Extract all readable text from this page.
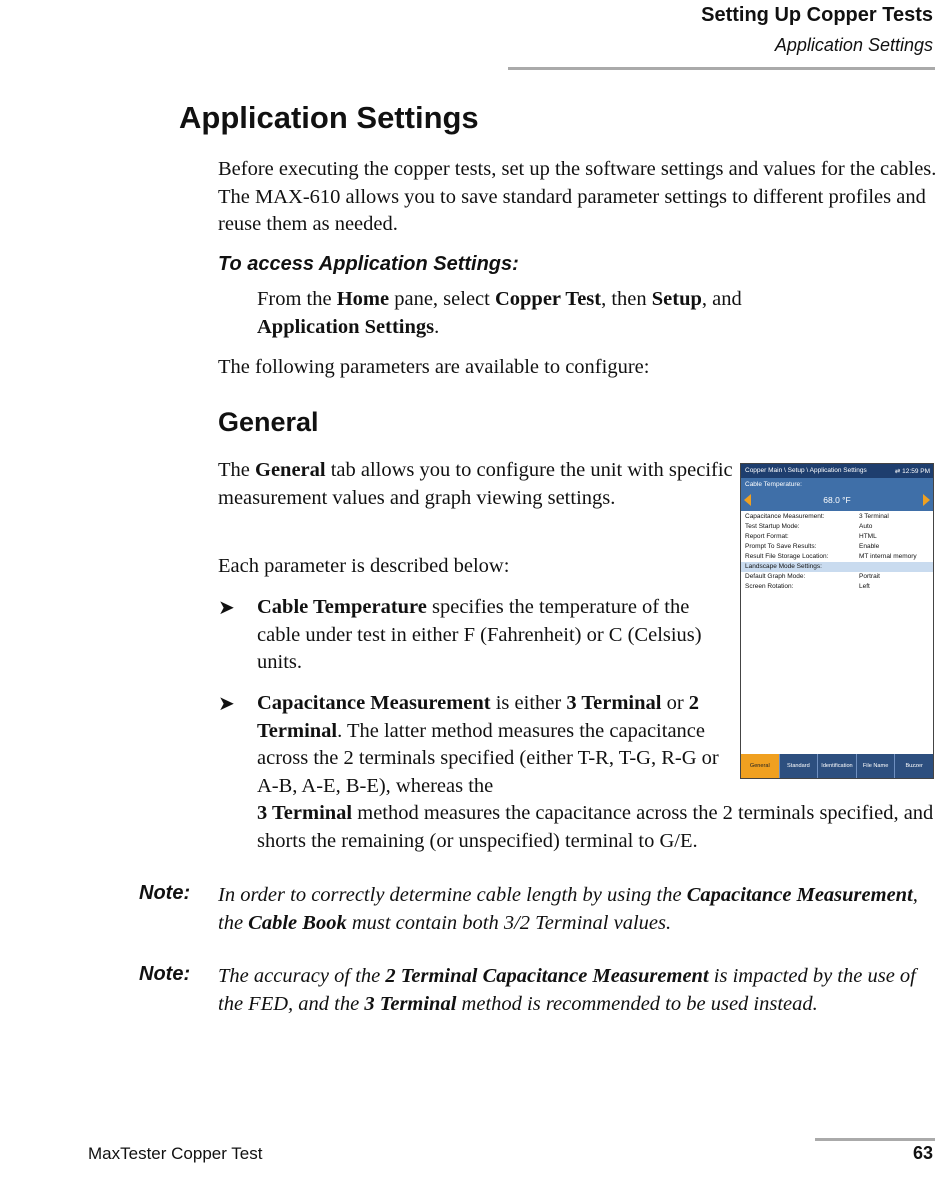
Setting Up Copper Tests
Application Settings
Application Settings
Before executing the copper tests, set up the software settings and values for the cables. The MAX-610 allows you to save standard parameter settings to different profiles and reuse them as needed.
To access Application Settings:
From the Home pane, select Copper Test, then Setup, and
Application Settings.
The following parameters are available to configure:
General
The General tab allows you to configure the unit with specific measurement values and graph viewing settings.
Each parameter is described below:
➤ Cable Temperature specifies the temperature of the cable under test in either F (Fahrenheit) or C (Celsius) units.
➤ Capacitance Measurement is either 3 Terminal or 2 Terminal. The latter method measures the capacitance across the 2 terminals specified (either T-R, T-G, R-G or A-B, A-E, B-E), whereas the
3 Terminal method measures the capacitance across the 2 terminals specified, and shorts the remaining (or unspecified) terminal to G/E.
Note: In order to correctly determine cable length by using the Capacitance Measurement, the Cable Book must contain both 3/2 Terminal values.
Note: The accuracy of the 2 Terminal Capacitance Measurement is impacted by the use of the FED, and the 3 Terminal method is recommended to be used instead.
Copper Main \ Setup \ Application Settings	⇄ 12:59 PM
Cable Temperature:
68.0 °F
Capacitance Measurement:	3 Terminal
Test Startup Mode:	Auto
Report Format:	HTML
Prompt To Save Results:	Enable
Result File Storage Location:	MT internal memory
Landscape Mode Settings:
Default Graph Mode:	Portrait
Screen Rotation:	Left
General	Standard	Identification	File Name	Buzzer
MaxTester Copper Test	63
